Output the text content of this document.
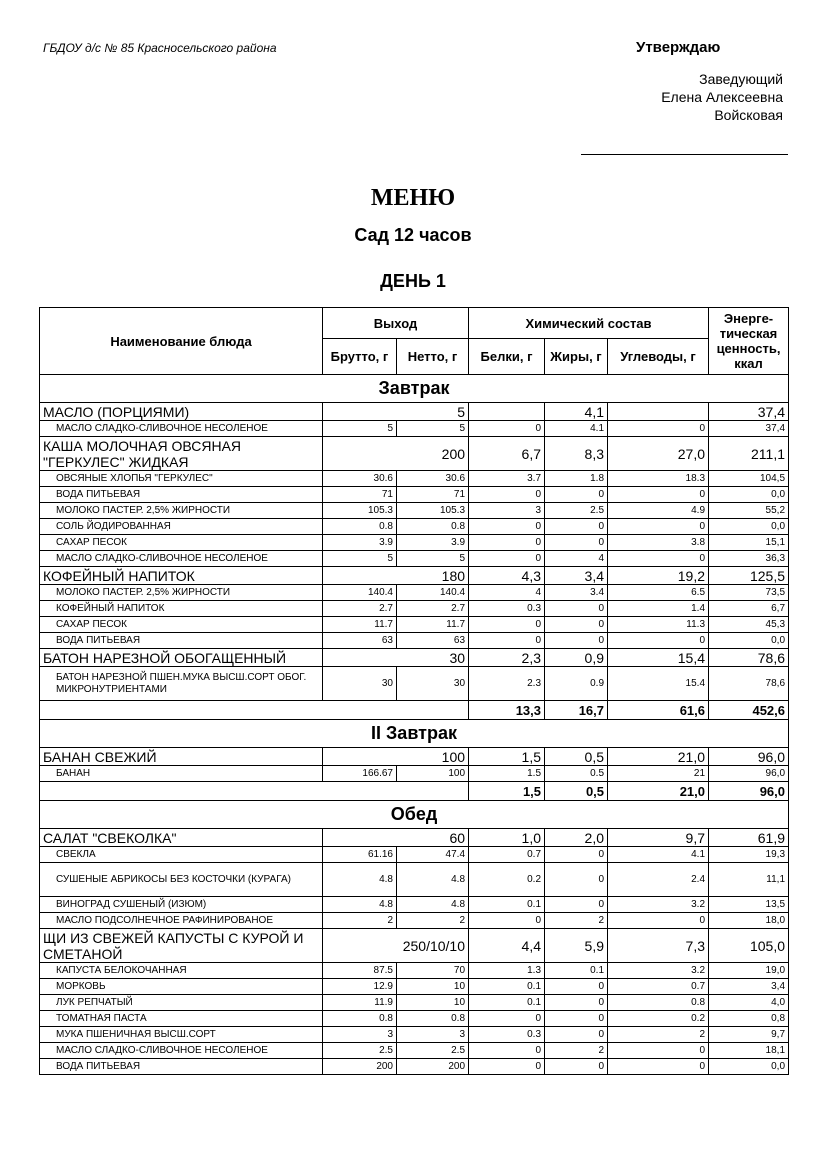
ГБДОУ д/с № 85 Красносельского района	Утверждаю
Заведующий
Елена Алексеевна
Войсковая
МЕНЮ
Сад 12 часов
ДЕНЬ 1
Наименование блюда	Выход		Химический состав			Энерге-тическая ценность, ккал
	Брутто, г	Нетто, г	Белки, г	Жиры, г	Углеводы, г	
Завтрак						
МАСЛО (ПОРЦИЯМИ)	5			4,1		37,4
МАСЛО СЛАДКО-СЛИВОЧНОЕ НЕСОЛЕНОЕ	5	5	0	4.1	0	37,4
КАША МОЛОЧНАЯ ОВСЯНАЯ "ГЕРКУЛЕС" ЖИДКАЯ	200		6,7	8,3	27,0	211,1
ОВСЯНЫЕ ХЛОПЬЯ "ГЕРКУЛЕС"	30.6	30.6	3.7	1.8	18.3	104,5
ВОДА ПИТЬЕВАЯ	71	71	0	0	0	0,0
МОЛОКО ПАСТЕР. 2,5% ЖИРНОСТИ	105.3	105.3	3	2.5	4.9	55,2
СОЛЬ ЙОДИРОВАННАЯ	0.8	0.8	0	0	0	0,0
САХАР ПЕСОК	3.9	3.9	0	0	3.8	15,1
МАСЛО СЛАДКО-СЛИВОЧНОЕ НЕСОЛЕНОЕ	5	5	0	4	0	36,3
КОФЕЙНЫЙ НАПИТОК	180		4,3	3,4	19,2	125,5
МОЛОКО ПАСТЕР. 2,5% ЖИРНОСТИ	140.4	140.4	4	3.4	6.5	73,5
КОФЕЙНЫЙ НАПИТОК	2.7	2.7	0.3	0	1.4	6,7
САХАР ПЕСОК	11.7	11.7	0	0	11.3	45,3
ВОДА ПИТЬЕВАЯ	63	63	0	0	0	0,0
БАТОН НАРЕЗНОЙ ОБОГАЩЕННЫЙ	30		2,3	0,9	15,4	78,6
БАТОН НАРЕЗНОЙ ПШЕН.МУКА ВЫСШ.СОРТ ОБОГ. МИКРОНУТРИЕНТАМИ	30	30	2.3	0.9	15.4	78,6
			13,3	16,7	61,6	452,6
II Завтрак						
БАНАН СВЕЖИЙ	100		1,5	0,5	21,0	96,0
БАНАН	166.67	100	1.5	0.5	21	96,0
			1,5	0,5	21,0	96,0
Обед						
САЛАТ "СВЕКОЛКА"	60		1,0	2,0	9,7	61,9
СВЕКЛА	61.16	47.4	0.7	0	4.1	19,3
СУШЕНЫЕ АБРИКОСЫ БЕЗ КОСТОЧКИ (КУРАГА)	4.8	4.8	0.2	0	2.4	11,1
ВИНОГРАД СУШЕНЫЙ (ИЗЮМ)	4.8	4.8	0.1	0	3.2	13,5
МАСЛО ПОДСОЛНЕЧНОЕ РАФИНИРОВАНОЕ	2	2	0	2	0	18,0
ЩИ ИЗ СВЕЖЕЙ КАПУСТЫ С КУРОЙ И СМЕТАНОЙ	250/10/10		4,4	5,9	7,3	105,0
КАПУСТА БЕЛОКОЧАННАЯ	87.5	70	1.3	0.1	3.2	19,0
МОРКОВЬ	12.9	10	0.1	0	0.7	3,4
ЛУК РЕПЧАТЫЙ	11.9	10	0.1	0	0.8	4,0
ТОМАТНАЯ ПАСТА	0.8	0.8	0	0	0.2	0,8
МУКА ПШЕНИЧНАЯ ВЫСШ.СОРТ	3	3	0.3	0	2	9,7
МАСЛО СЛАДКО-СЛИВОЧНОЕ НЕСОЛЕНОЕ	2.5	2.5	0	2	0	18,1
ВОДА ПИТЬЕВАЯ	200	200	0	0	0	0,0
